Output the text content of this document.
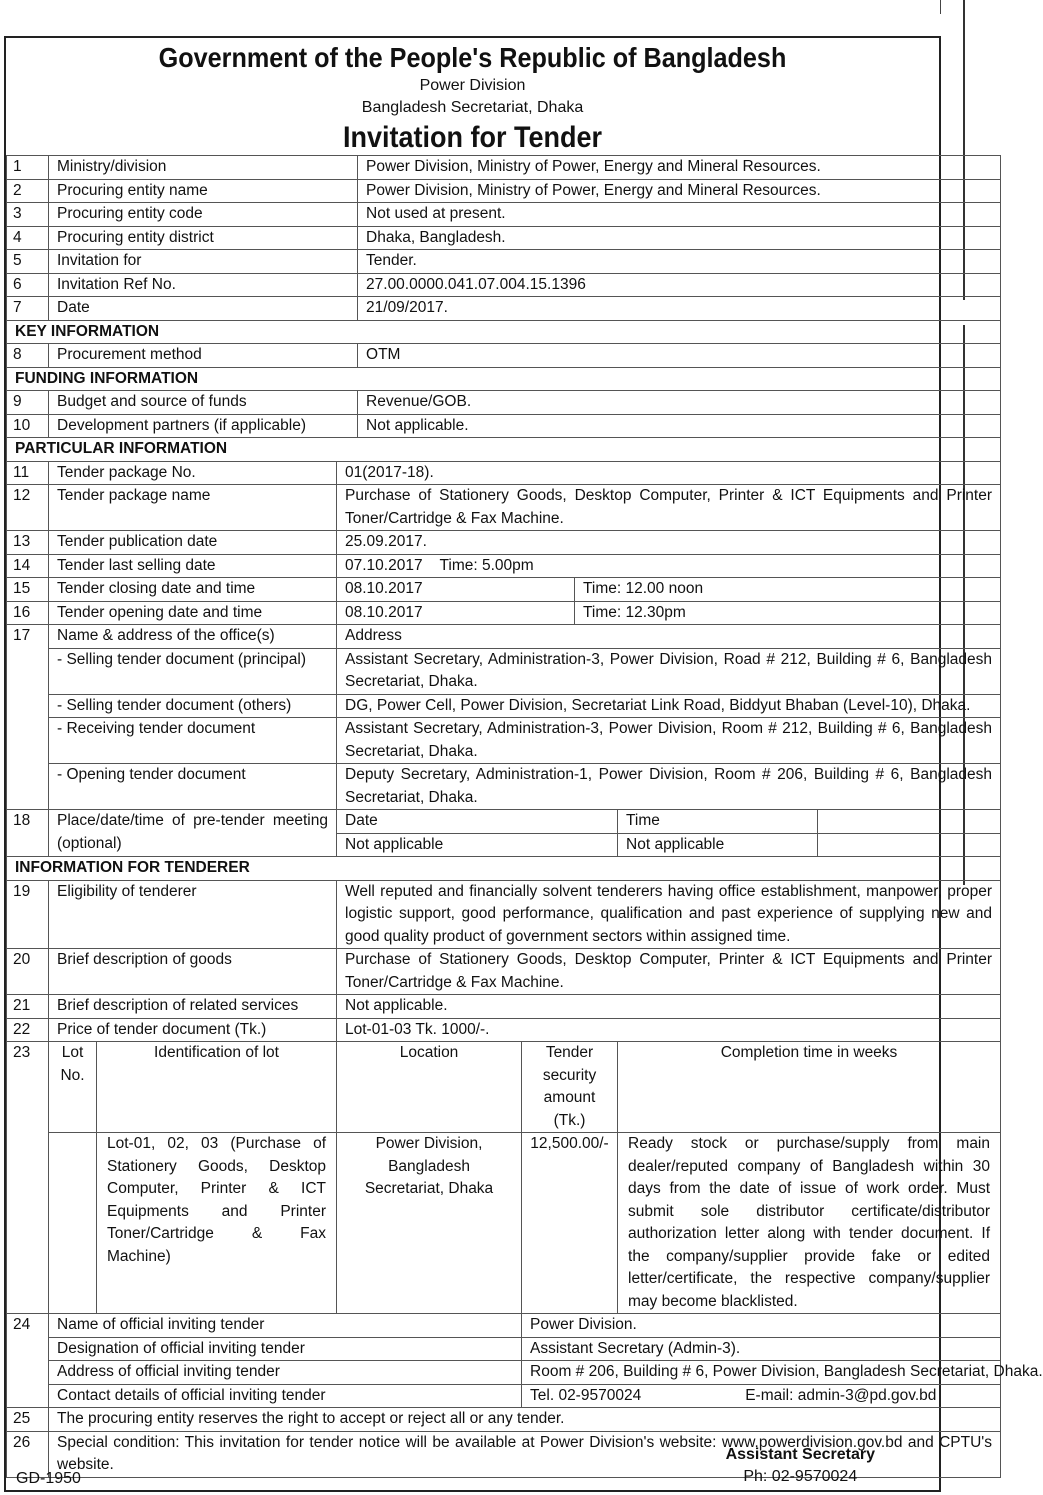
Government of the People's Republic of Bangladesh
Power Division
Bangladesh Secretariat, Dhaka
Invitation for Tender
1	Ministry/division			Power Division, Ministry of Power, Energy and Mineral Resources.				
2	Procuring entity name			Power Division, Ministry of Power, Energy and Mineral Resources.				
3	Procuring entity code			Not used at present.				
4	Procuring entity district			Dhaka, Bangladesh.				
5	Invitation for			Tender.				
6	Invitation Ref No.			27.00.0000.041.07.004.15.1396				
7	Date			21/09/2017.				
KEY INFORMATION								
8	Procurement method			OTM				
FUNDING INFORMATION								
9	Budget and source of funds			Revenue/GOB.				
10	Development partners (if applicable)			Not applicable.				
PARTICULAR INFORMATION								
11	Tender package No.		01(2017-18).					
12	Tender package name		Purchase of Stationery Goods, Desktop Computer, Printer & ICT Equipments and Printer Toner/Cartridge & Fax Machine.					
13	Tender publication date		25.09.2017.					
14	Tender last selling date		07.10.2017    Time: 5.00pm					
15	Tender closing date and time		08.10.2017			Time: 12.00 noon		
16	Tender opening date and time		08.10.2017			Time: 12.30pm		
17	Name & address of the office(s)		Address					
	- Selling tender document (principal)		Assistant Secretary, Administration-3, Power Division, Road # 212, Building # 6, Bangladesh Secretariat, Dhaka.					
	- Selling tender document (others)		DG, Power Cell, Power Division, Secretariat Link Road, Biddyut Bhaban (Level-10), Dhaka.					
	- Receiving tender document		Assistant Secretary, Administration-3, Power Division, Room # 212, Building # 6, Bangladesh Secretariat, Dhaka.					
	- Opening tender document		Deputy Secretary, Administration-1, Power Division, Room # 206, Building # 6, Bangladesh Secretariat, Dhaka.					
18	Place/date/time of pre-tender meeting (optional)		Date				Time	
			Not applicable				Not applicable	
INFORMATION FOR TENDERER								
19	Eligibility of tenderer		Well reputed and financially solvent tenderers having office establishment, manpower, proper logistic support, good performance, qualification and past experience of supplying new and good quality product of government sectors within assigned time.					
20	Brief description of goods		Purchase of Stationery Goods, Desktop Computer, Printer & ICT Equipments and Printer Toner/Cartridge & Fax Machine.					
21	Brief description of related services		Not applicable.					
22	Price of tender document (Tk.)		Lot-01-03 Tk. 1000/-.					
23	Lot No.	Identification of lot	Location		Tender security amount (Tk.)		Completion time in weeks	
		Lot-01, 02, 03 (Purchase of Stationery Goods, Desktop Computer, Printer & ICT Equipments and Printer Toner/Cartridge & Fax Machine)	Power Division, Bangladesh Secretariat, Dhaka		12,500.00/-		Ready stock or purchase/supply from main dealer/reputed company of Bangladesh within 30 days from the date of issue of work order. Must submit sole distributor certificate/distributor authorization letter along with tender document. If the company/supplier provide fake or edited letter/certificate, the respective company/supplier may become blacklisted.	
24	Name of official inviting tender				Power Division.			
	Designation of official inviting tender				Assistant Secretary (Admin-3).			
	Address of official inviting tender				Room # 206, Building # 6, Power Division, Bangladesh Secretariat, Dhaka.			
	Contact details of official inviting tender				Tel. 02-9570024 E-mail: admin-3@pd.gov.bd			
25	The procuring entity reserves the right to accept or reject all or any tender.							
26	Special condition: This invitation for tender notice will be available at Power Division's website: www.powerdivision.gov.bd and CPTU's website.							
GD-1950
Assistant Secretary
Ph: 02-9570024
